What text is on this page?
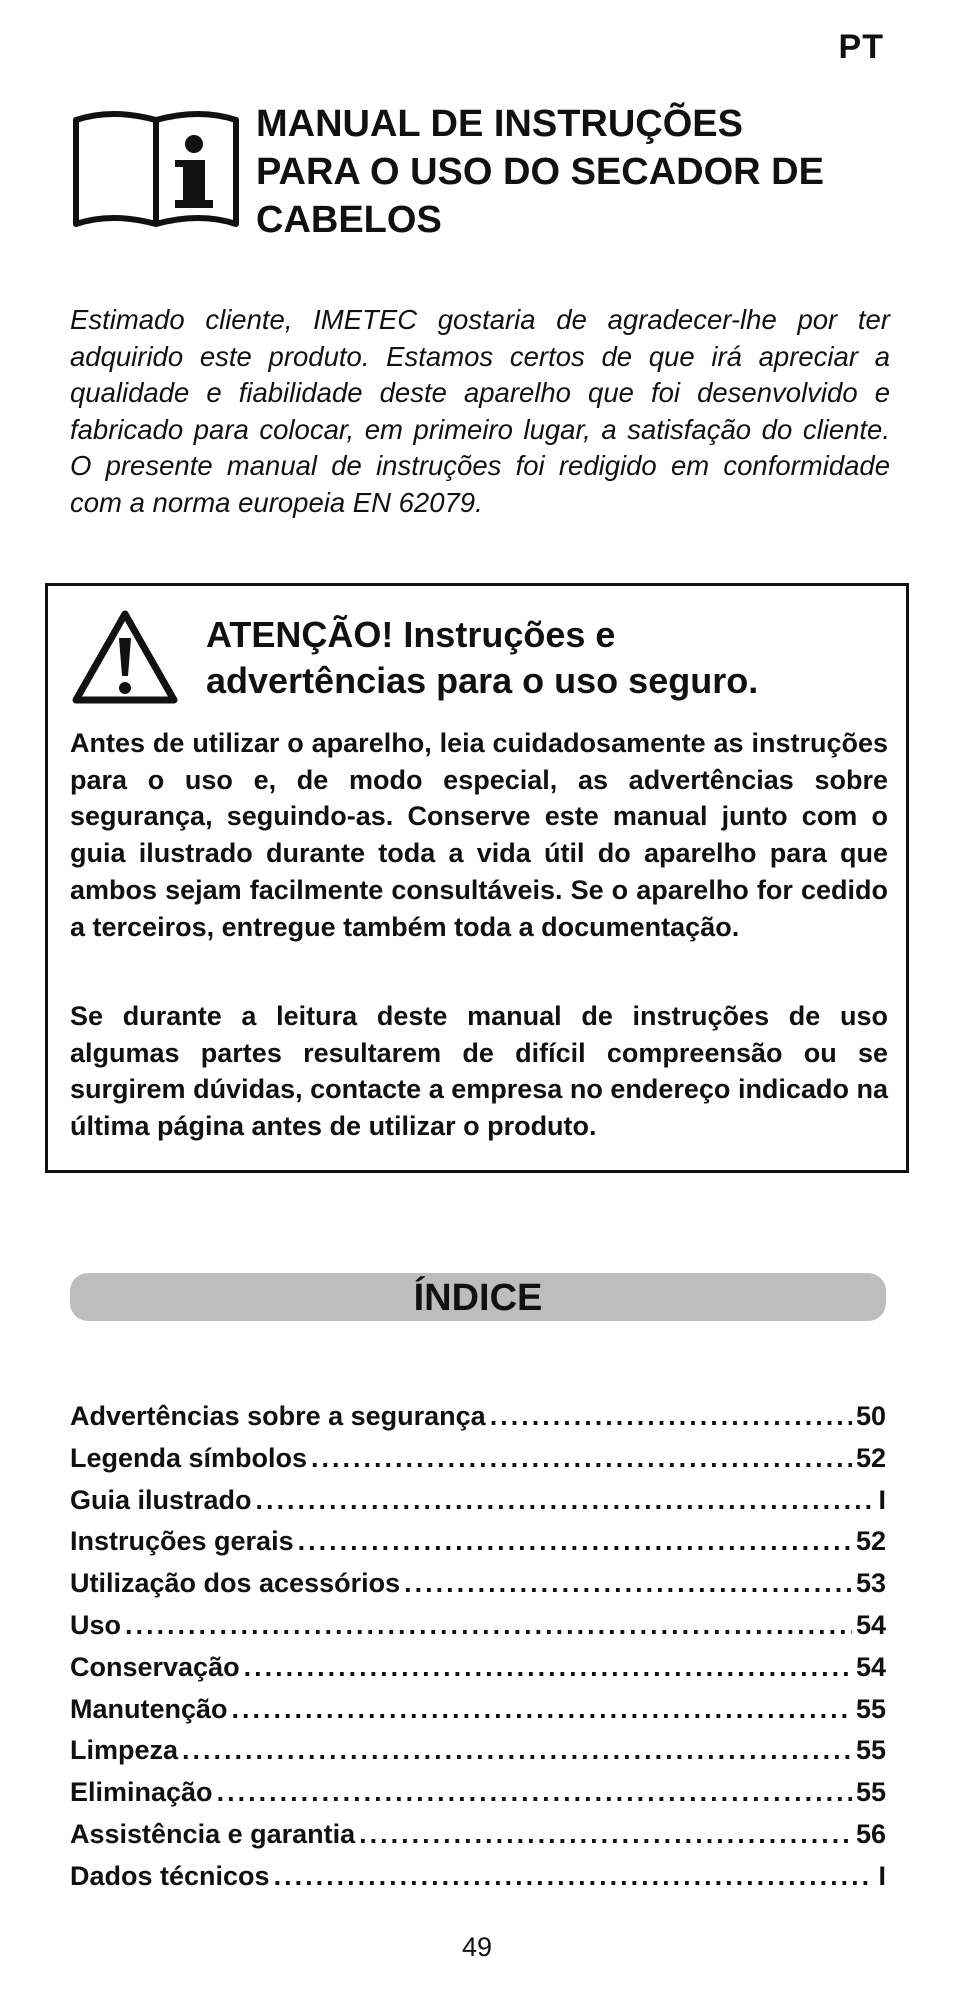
PT
MANUAL DE INSTRUÇÕES
PARA O USO DO SECADOR DE
CABELOS

Estimado cliente, IMETEC gostaria de agradecer-lhe por ter adquirido este produto. Estamos certos de que irá apreciar a qualidade e fiabilidade deste aparelho que foi desenvolvido e fabricado para colocar, em primeiro lugar, a satisfação do cliente. O presente manual de instruções foi redigido em conformidade com a norma europeia EN 62079.

ATENÇÃO! Instruções e
advertências para o uso seguro.

Antes de utilizar o aparelho, leia cuidadosamente as instruções para o uso e, de modo especial, as advertências sobre segurança, seguindo-as. Conserve este manual junto com o guia ilustrado durante toda a vida útil do aparelho para que ambos sejam facilmente consultáveis. Se o aparelho for cedido a terceiros, entregue também toda a documentação.

Se durante a leitura deste manual de instruções de uso algumas partes resultarem de difícil compreensão ou se surgirem dúvidas, contacte a empresa no endereço indicado na última página antes de utilizar o produto.

ÍNDICE
Advertências sobre a segurança .....	50
Legenda símbolos .....	52
Guia ilustrado .....	I
Instruções gerais .....	52
Utilização dos acessórios .....	53
Uso .....	54
Conservação .....	54
Manutenção .....	55
Limpeza .....	55
Eliminação .....	55
Assistência e garantia .....	56
Dados técnicos .....	I
49
